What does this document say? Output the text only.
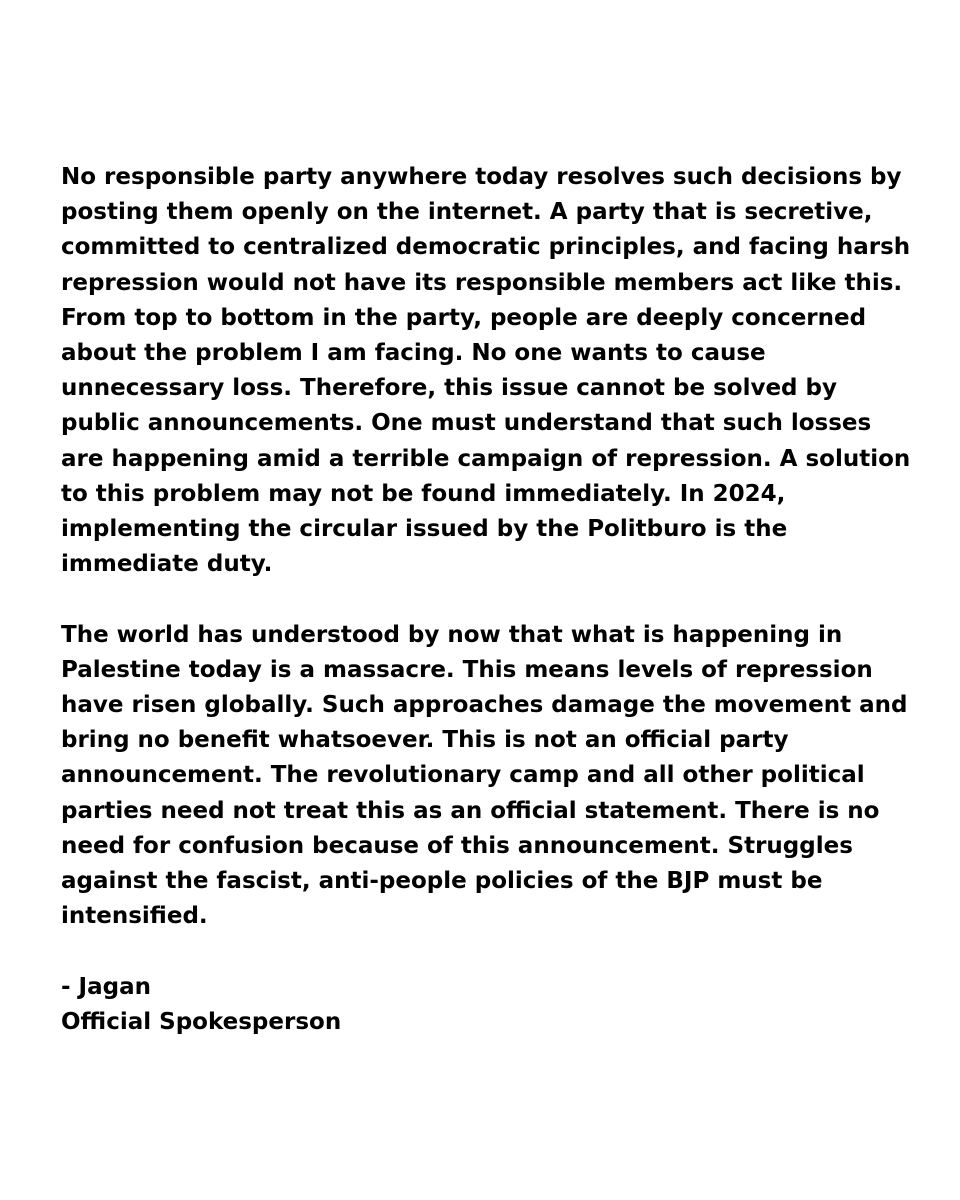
No responsible party anywhere today resolves such decisions by posting them openly on the internet. A party that is secretive, committed to centralized democratic principles, and facing harsh repression would not have its responsible members act like this. From top to bottom in the party, people are deeply concerned about the problem I am facing. No one wants to cause unnecessary loss. Therefore, this issue cannot be solved by public announcements. One must understand that such losses are happening amid a terrible campaign of repression. A solution to this problem may not be found immediately. In 2024, implementing the circular issued by the Politburo is the immediate duty.

The world has understood by now that what is happening in Palestine today is a massacre. This means levels of repression have risen globally. Such approaches damage the movement and bring no benefit whatsoever. This is not an official party announcement. The revolutionary camp and all other political parties need not treat this as an official statement. There is no need for confusion because of this announcement. Struggles against the fascist, anti-people policies of the BJP must be intensified.

- Jagan
Official Spokesperson
